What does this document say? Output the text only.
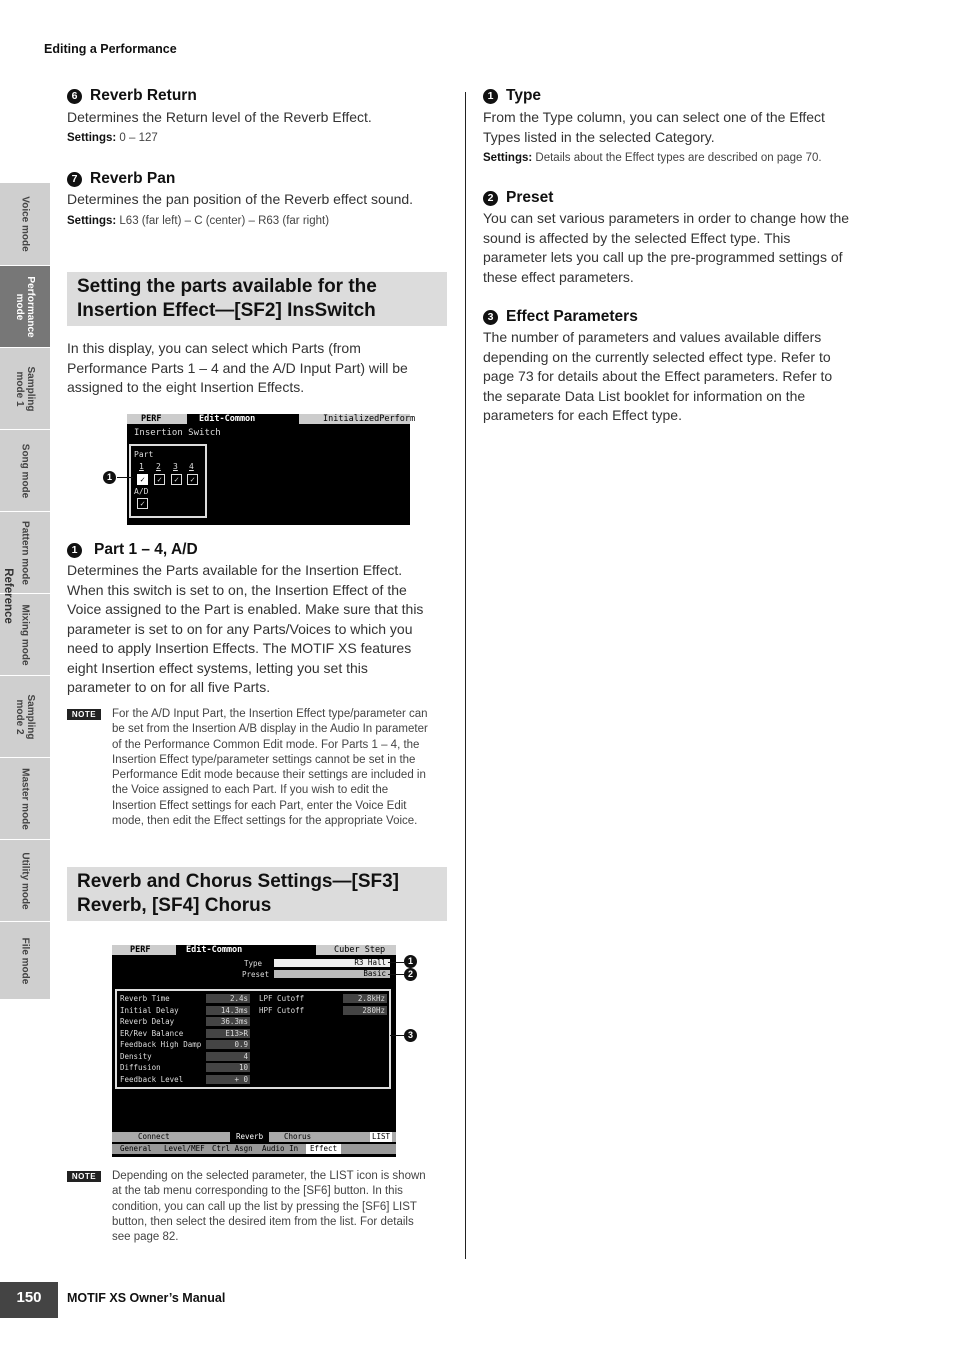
Editing a Performance
Voice mode
Performance
mode
Sampling
mode 1
Song mode
Pattern mode
Mixing mode
Sampling
mode 2
Master mode
Utility mode
File mode
Reference
6 Reverb Return
Determines the Return level of the Reverb Effect.
Settings: 0 – 127
7 Reverb Pan
Determines the pan position of the Reverb effect sound.
Settings: L63 (far left) – C (center) – R63 (far right)
Setting the parts available for the
Insertion Effect—[SF2] InsSwitch
In this display, you can select which Parts (from
Performance Parts 1 – 4 and the A/D Input Part) will be
assigned to the eight Insertion Effects.
PERF	Edit-Common	InitializedPerform
Insertion Switch
Part
1 2 3 4
✓	✓	✓	✓
A/D
✓
1
1 Part 1 – 4, A/D
Determines the Parts available for the Insertion Effect.
When this switch is set to on, the Insertion Effect of the
Voice assigned to the Part is enabled. Make sure that this
parameter is set to on for any Parts/Voices to which you
need to apply Insertion Effects. The MOTIF XS features
eight Insertion effect systems, letting you set this
parameter to on for all five Parts.
NOTE	For the A/D Input Part, the Insertion Effect type/parameter can
be set from the Insertion A/B display in the Audio In parameter
of the Performance Common Edit mode. For Parts 1 – 4, the
Insertion Effect type/parameter settings cannot be set in the
Performance Edit mode because their settings are included in
the Voice assigned to each Part. If you wish to edit the
Insertion Effect settings for each Part, enter the Voice Edit
mode, then edit the Effect settings for the appropriate Voice.
Reverb and Chorus Settings—[SF3]
Reverb, [SF4] Chorus
PERF	Edit-Common	Cuber Step
Type	R3 Hall
Preset	Basic
Reverb Time	2.4s
Initial Delay	14.3ms
Reverb Delay	36.3ms
ER/Rev Balance	E13>R
Feedback High Damp	0.9
Density	4
Diffusion	10
Feedback Level	+ 0
LPF Cutoff	2.8kHz
HPF Cutoff	280Hz
Connect	Reverb	Chorus	LIST
General Level/MEF Ctrl Asgn Audio In	Effect
1
2
3
NOTE	Depending on the selected parameter, the LIST icon is shown
at the tab menu corresponding to the [SF6] button. In this
condition, you can call up the list by pressing the [SF6] LIST
button, then select the desired item from the list. For details
see page 82.
1 Type
From the Type column, you can select one of the Effect
Types listed in the selected Category.
Settings: Details about the Effect types are described on page 70.
2 Preset
You can set various parameters in order to change how the
sound is affected by the selected Effect type. This
parameter lets you call up the pre-programmed settings of
these effect parameters.
3 Effect Parameters
The number of parameters and values available differs
depending on the currently selected effect type. Refer to
page 73 for details about the Effect parameters. Refer to
the separate Data List booklet for information on the
parameters for each Effect type.
150	MOTIF XS Owner’s Manual
